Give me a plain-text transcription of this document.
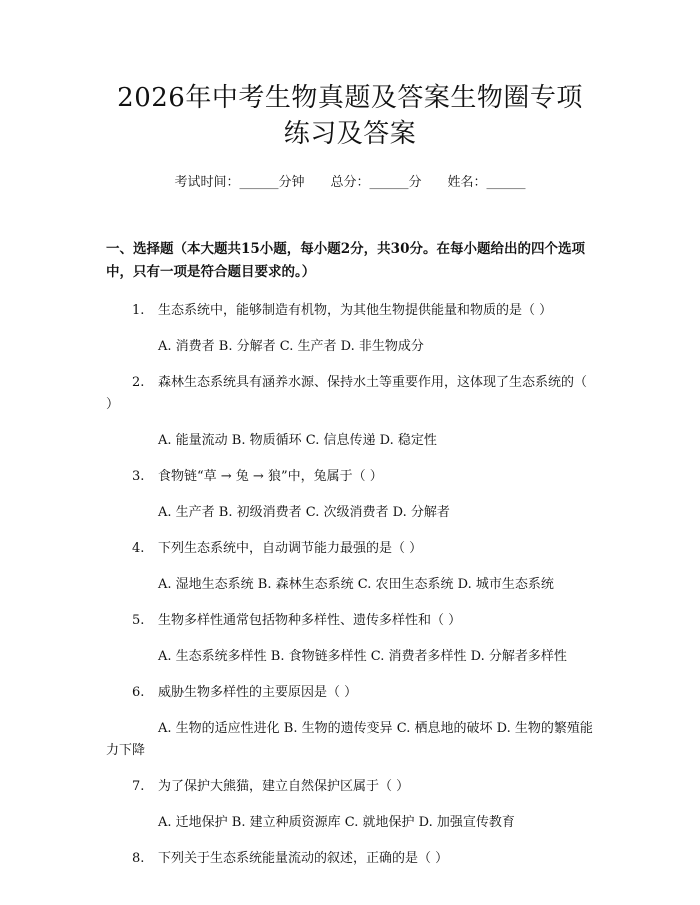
2026年中考生物真题及答案生物圈专项练习及答案
考试时间：______分钟 总分：______分 姓名：______
一、选择题（本大题共15小题，每小题2分，共30分。在每小题给出的四个选项中，只有一项是符合题目要求的。）

1. 生态系统中，能够制造有机物，为其他生物提供能量和物质的是（ ）

A. 消费者 B. 分解者 C. 生产者 D. 非生物成分

2. 森林生态系统具有涵养水源、保持水土等重要作用，这体现了生态系统的（ ）

A. 能量流动 B. 物质循环 C. 信息传递 D. 稳定性

3. 食物链“草 → 兔 → 狼”中，兔属于（ ）

A. 生产者 B. 初级消费者 C. 次级消费者 D. 分解者

4. 下列生态系统中，自动调节能力最强的是（ ）

A. 湿地生态系统 B. 森林生态系统 C. 农田生态系统 D. 城市生态系统

5. 生物多样性通常包括物种多样性、遗传多样性和（ ）

A. 生态系统多样性 B. 食物链多样性 C. 消费者多样性 D. 分解者多样性

6. 威胁生物多样性的主要原因是（ ）

A. 生物的适应性进化 B. 生物的遗传变异 C. 栖息地的破坏 D. 生物的繁殖能力下降

7. 为了保护大熊猫，建立自然保护区属于（ ）

A. 迁地保护 B. 建立种质资源库 C. 就地保护 D. 加强宣传教育

8. 下列关于生态系统能量流动的叙述，正确的是（ ）
